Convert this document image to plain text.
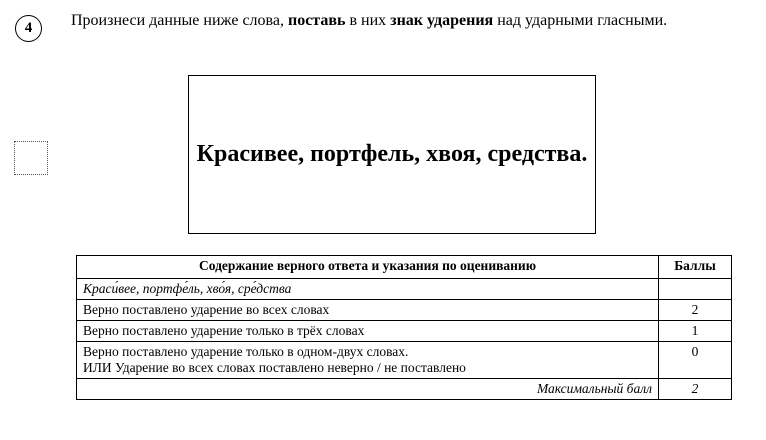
4	Произнеси данные ниже слова, поставь в них знак ударения над ударными гласными.
Красивее, портфель, хвоя, средства.
Содержание верного ответа и указания по оцениванию	Баллы
Краси́вее, портфе́ль, хво́я, сре́дства	
Верно поставлено ударение во всех словах	2
Верно поставлено ударение только в трёх словах	1

Верно поставлено ударение только в одном-двух словах.
ИЛИ Ударение во всех словах поставлено неверно / не поставлено	0
Максимальный балл	2
